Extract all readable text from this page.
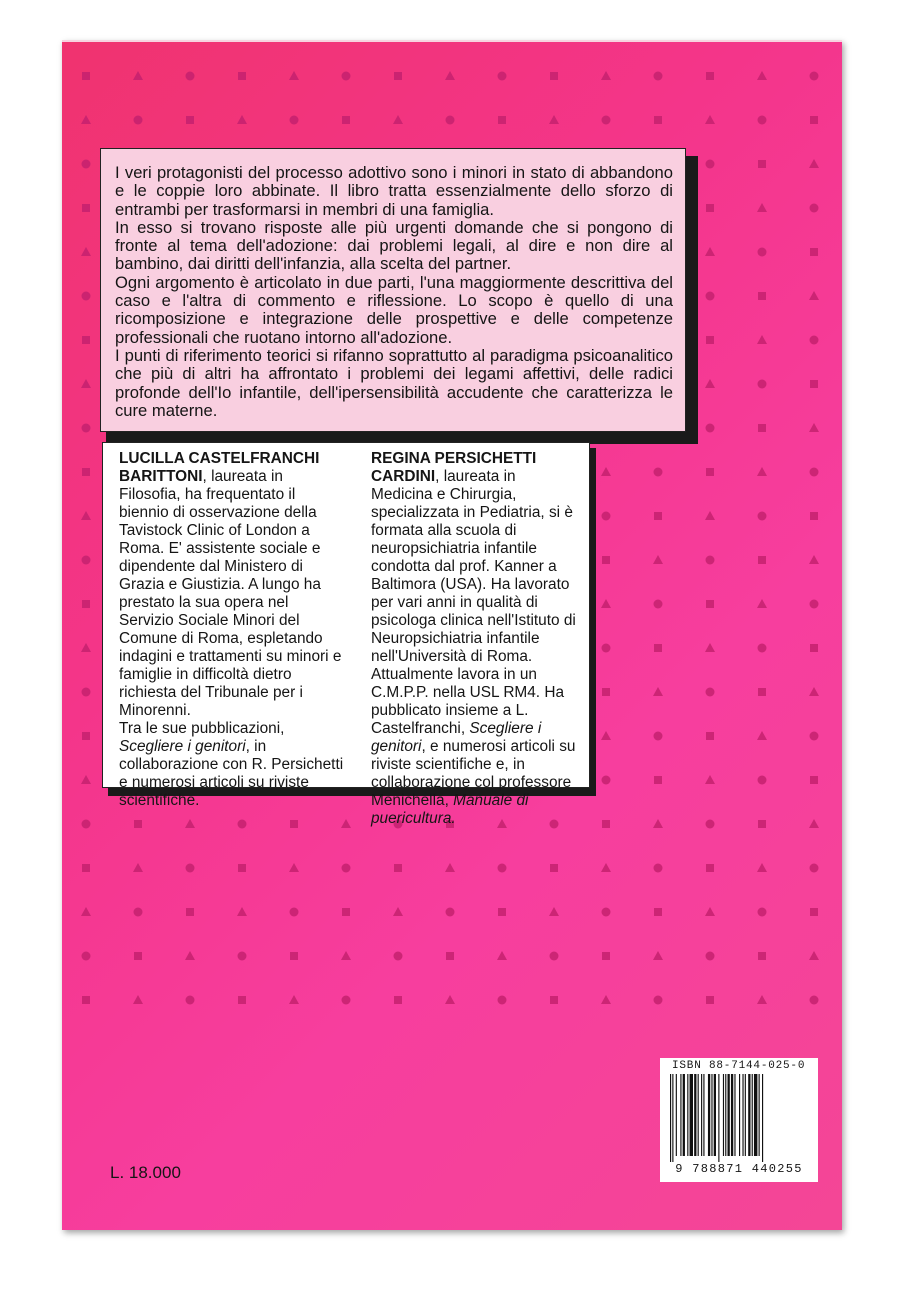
I veri protagonisti del processo adottivo sono i minori in stato di abbandono e le coppie loro abbinate. Il libro tratta essenzialmente dello sforzo di entrambi per trasformarsi in membri di una famiglia.

In esso si trovano risposte alle più urgenti domande che si pongono di fronte al tema dell'adozione: dai problemi legali, al dire e non dire al bambino, dai diritti dell'infanzia, alla scelta del partner.

Ogni argomento è articolato in due parti, l'una maggiormente descrittiva del caso e l'altra di commento e riflessione. Lo scopo è quello di una ricomposizione e integrazione delle prospettive e delle competenze professionali che ruotano intorno all'adozione.

I punti di riferimento teorici si rifanno soprattutto al paradigma psicoanalitico che più di altri ha affrontato i problemi dei legami affettivi, delle radici profonde dell'Io infantile, dell'ipersensibilità accudente che caratterizza le cure materne.

LUCILLA CASTELFRANCHI BARITTONI, laureata in Filosofia, ha frequentato il biennio di osservazione della Tavistock Clinic of London a Roma. E' assistente sociale e dipendente dal Ministero di Grazia e Giustizia. A lungo ha prestato la sua opera nel Servizio Sociale Minori del Comune di Roma, espletando indagini e trattamenti su minori e famiglie in difficoltà dietro richiesta del Tribunale per i Minorenni.

Tra le sue pubblicazioni, Scegliere i genitori, in collaborazione con R. Persichetti e numerosi articoli su riviste scientifiche.

REGINA PERSICHETTI CARDINI, laureata in Medicina e Chirurgia, specializzata in Pediatria, si è formata alla scuola di neuropsichiatria infantile condotta dal prof. Kanner a Baltimora (USA). Ha lavorato per vari anni in qualità di psicologa clinica nell'Istituto di Neuropsichiatria infantile nell'Università di Roma. Attualmente lavora in un C.M.P.P. nella USL RM4. Ha pubblicato insieme a L. Castelfranchi, Scegliere i genitori, e numerosi articoli su riviste scientifiche e, in collaborazione col professore Menichella, Manuale di puericultura.

L. 18.000
ISBN 88-7144-025-0
9 788871 440255
